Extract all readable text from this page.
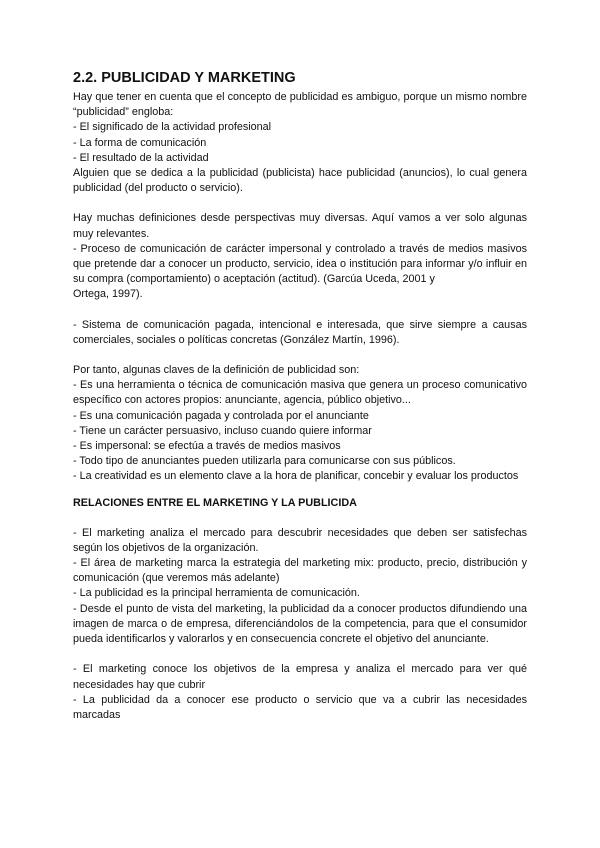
2.2. PUBLICIDAD Y MARKETING

Hay que tener en cuenta que el concepto de publicidad es ambiguo, porque un mismo nombre “publicidad” engloba:

- El significado de la actividad profesional

- La forma de comunicación

- El resultado de la actividad

Alguien que se dedica a la publicidad (publicista) hace publicidad (anuncios), lo cual genera publicidad (del producto o servicio).

Hay muchas definiciones desde perspectivas muy diversas. Aquí vamos a ver solo algunas muy relevantes.

- Proceso de comunicación de carácter impersonal y controlado a través de medios masivos que pretende dar a conocer un producto, servicio, idea o institución para informar y/o influir en su compra (comportamiento) o aceptación (actitud). (Garcúa Uceda, 2001 y

Ortega, 1997).

- Sistema de comunicación pagada, intencional e interesada, que sirve siempre a causas comerciales, sociales o políticas concretas (González Martín, 1996).

Por tanto, algunas claves de la definición de publicidad son:

- Es una herramienta o técnica de comunicación masiva que genera un proceso comunicativo específico con actores propios: anunciante, agencia, público objetivo...

- Es una comunicación pagada y controlada por el anunciante

- Tiene un carácter persuasivo, incluso cuando quiere informar

- Es impersonal: se efectúa a través de medios masivos

- Todo tipo de anunciantes pueden utilizarla para comunicarse con sus públicos.

- La creatividad es un elemento clave a la hora de planificar, concebir y evaluar los productos

RELACIONES ENTRE EL MARKETING Y LA PUBLICIDA

- El marketing analiza el mercado para descubrir necesidades que deben ser satisfechas según los objetivos de la organización.

- El área de marketing marca la estrategia del marketing mix: producto, precio, distribución y comunicación (que veremos más adelante)

- La publicidad es la principal herramienta de comunicación.

- Desde el punto de vista del marketing, la publicidad da a conocer productos difundiendo una imagen de marca o de empresa, diferenciándolos de la competencia, para que el consumidor pueda identificarlos y valorarlos y en consecuencia concrete el objetivo del anunciante.

- El marketing conoce los objetivos de la empresa y analiza el mercado para ver qué necesidades hay que cubrir

- La publicidad da a conocer ese producto o servicio que va a cubrir las necesidades marcadas
